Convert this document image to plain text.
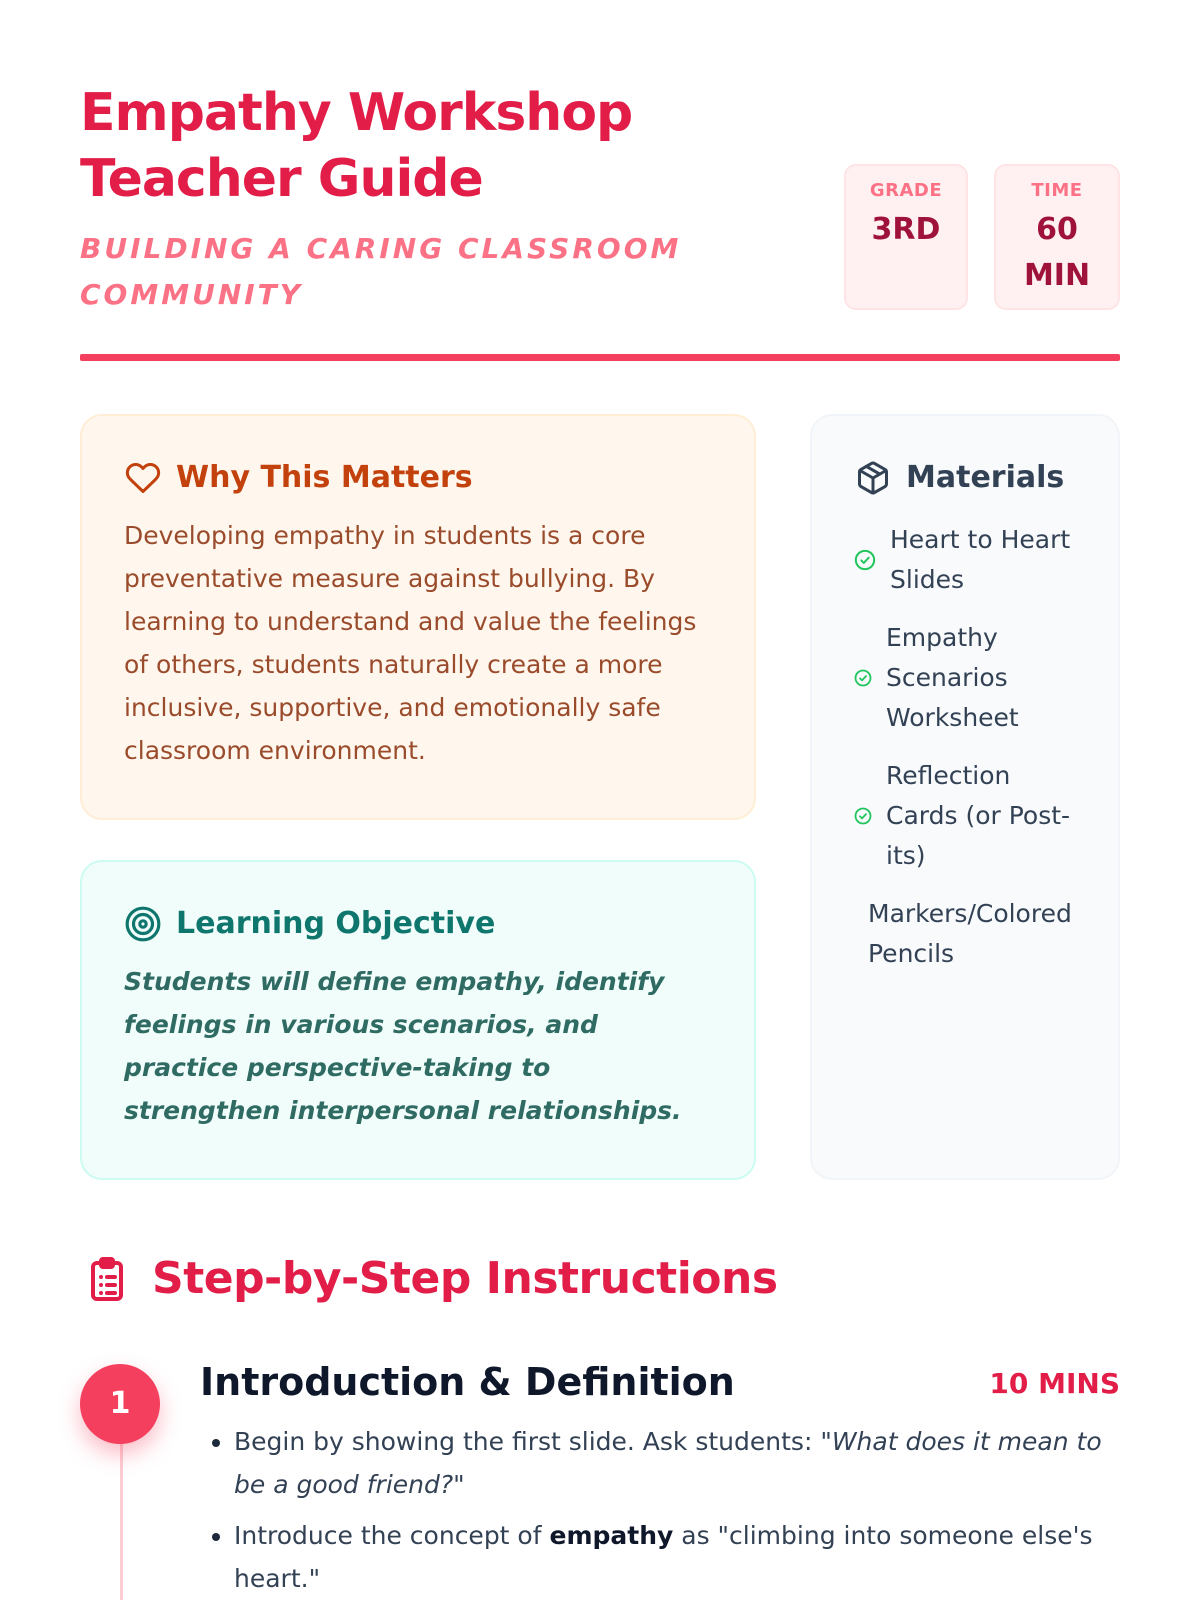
Empathy Workshop
Teacher Guide

BUILDING A CARING CLASSROOM COMMUNITY

GRADE
3RD
TIME
60 MIN
Why This Matters

Developing empathy in students is a core preventative measure against bullying. By learning to understand and value the feelings of others, students naturally create a more inclusive, supportive, and emotionally safe classroom environment.

Learning Objective

Students will define empathy, identify feelings in various scenarios, and practice perspective-taking to strengthen interpersonal relationships.

Materials
Heart to Heart Slides
Empathy Scenarios Worksheet
Reflection Cards (or Post-its)
Markers/Colored Pencils
Step-by-Step Instructions
1	Introduction & Definition	10 MINS
• Begin by showing the first slide. Ask students: "What does it mean to be a good friend?"
• Introduce the concept of empathy as "climbing into someone else's heart."
